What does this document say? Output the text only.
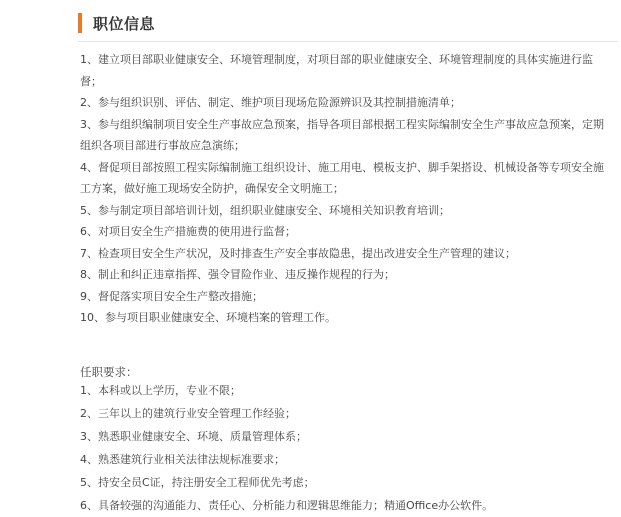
职位信息
1、建立项目部职业健康安全、环境管理制度，对项目部的职业健康安全、环境管理制度的具体实施进行监督；
2、参与组织识别、评估、制定、维护项目现场危险源辨识及其控制措施清单；
3、参与组织编制项目安全生产事故应急预案，指导各项目部根据工程实际编制安全生产事故应急预案，定期组织各项目部进行事故应急演练；
4、督促项目部按照工程实际编制施工组织设计、施工用电、模板支护、脚手架搭设、机械设备等专项安全施工方案，做好施工现场安全防护，确保安全文明施工；
5、参与制定项目部培训计划，组织职业健康安全、环境相关知识教育培训；
6、对项目安全生产措施费的使用进行监督；
7、检查项目安全生产状况，及时排查生产安全事故隐患，提出改进安全生产管理的建议；
8、制止和纠正违章指挥、强令冒险作业、违反操作规程的行为；
9、督促落实项目安全生产整改措施；
10、参与项目职业健康安全、环境档案的管理工作。
任职要求：
1、本科或以上学历，专业不限；
2、三年以上的建筑行业安全管理工作经验；
3、熟悉职业健康安全、环境、质量管理体系；
4、熟悉建筑行业相关法律法规标准要求；
5、持安全员C证，持注册安全工程师优先考虑；
6、具备较强的沟通能力、责任心、分析能力和逻辑思维能力；精通Office办公软件。
